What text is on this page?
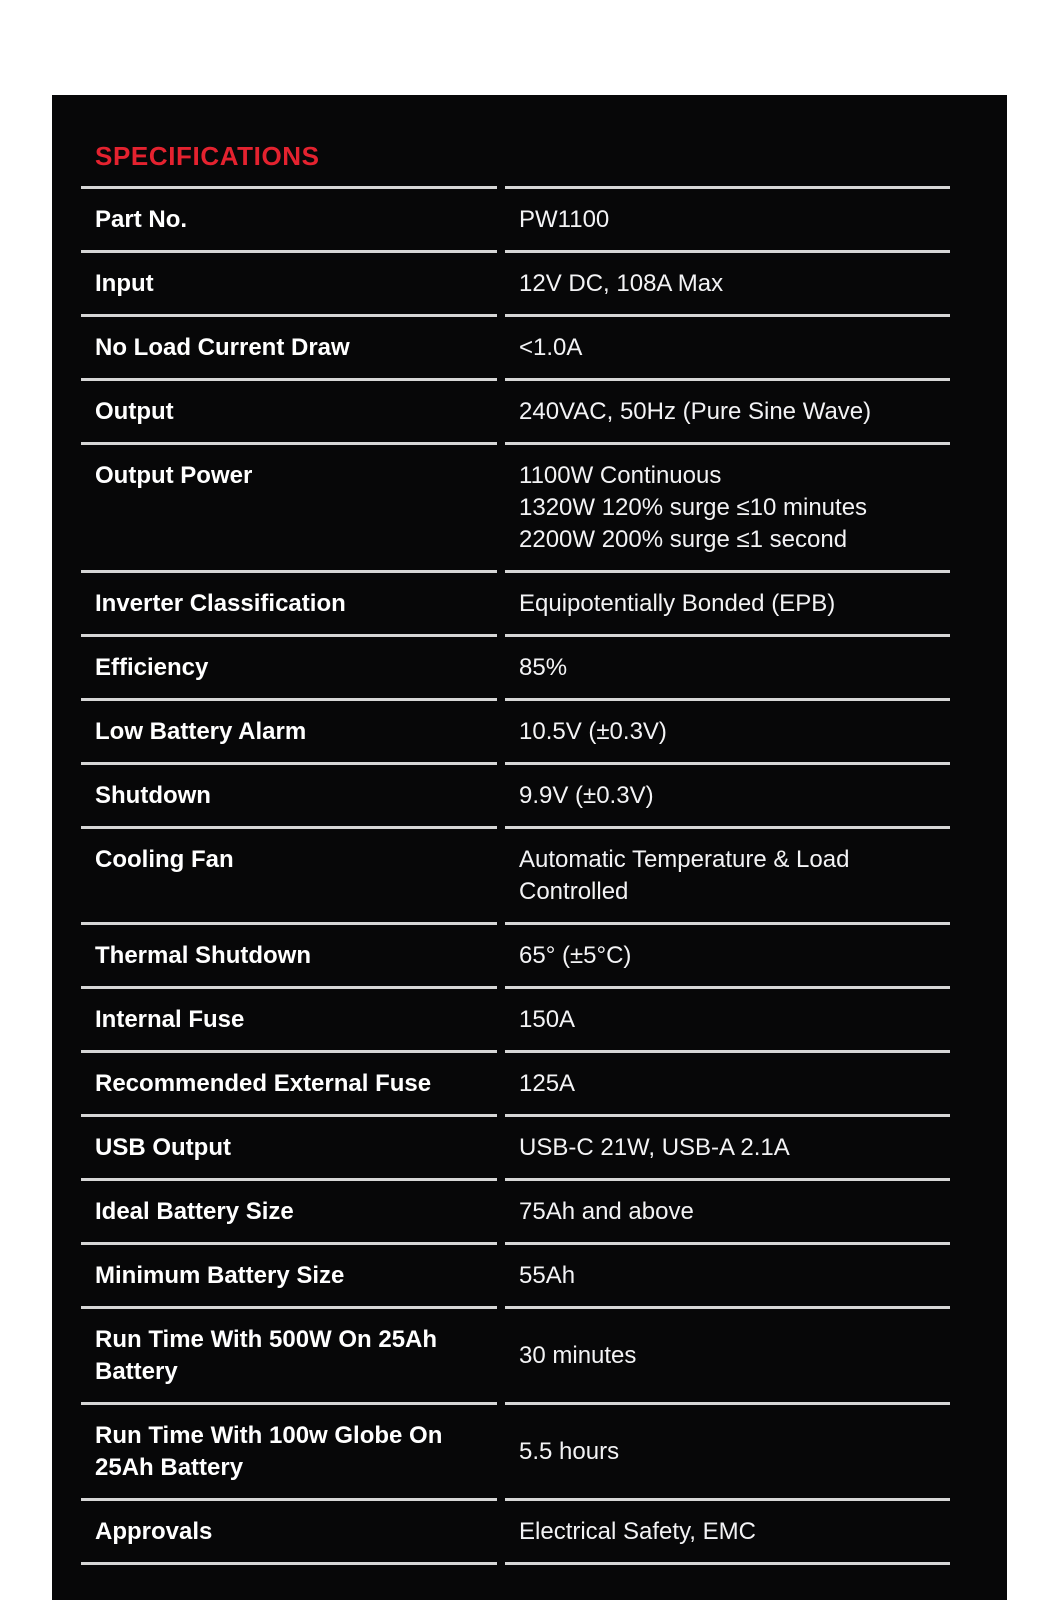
SPECIFICATIONS
Part No.	PW1100

Input	12V DC, 108A Max

No Load Current Draw	<1.0A

Output	240VAC, 50Hz (Pure Sine Wave)

Output Power	1100W Continuous
1320W 120% surge ≤10 minutes
2200W 200% surge ≤1 second

Inverter Classification	Equipotentially Bonded (EPB)

Efficiency	85%

Low Battery Alarm	10.5V (±0.3V)

Shutdown	9.9V (±0.3V)

Cooling Fan	Automatic Temperature & Load
Controlled

Thermal Shutdown	65° (±5°C)

Internal Fuse	150A

Recommended External Fuse	125A

USB Output	USB-C 21W, USB-A 2.1A

Ideal Battery Size	75Ah and above

Minimum Battery Size	55Ah

Run Time With 500W On 25Ah Battery	30 minutes

Run Time With 100w Globe On 25Ah Battery	5.5 hours

Approvals	Electrical Safety, EMC
